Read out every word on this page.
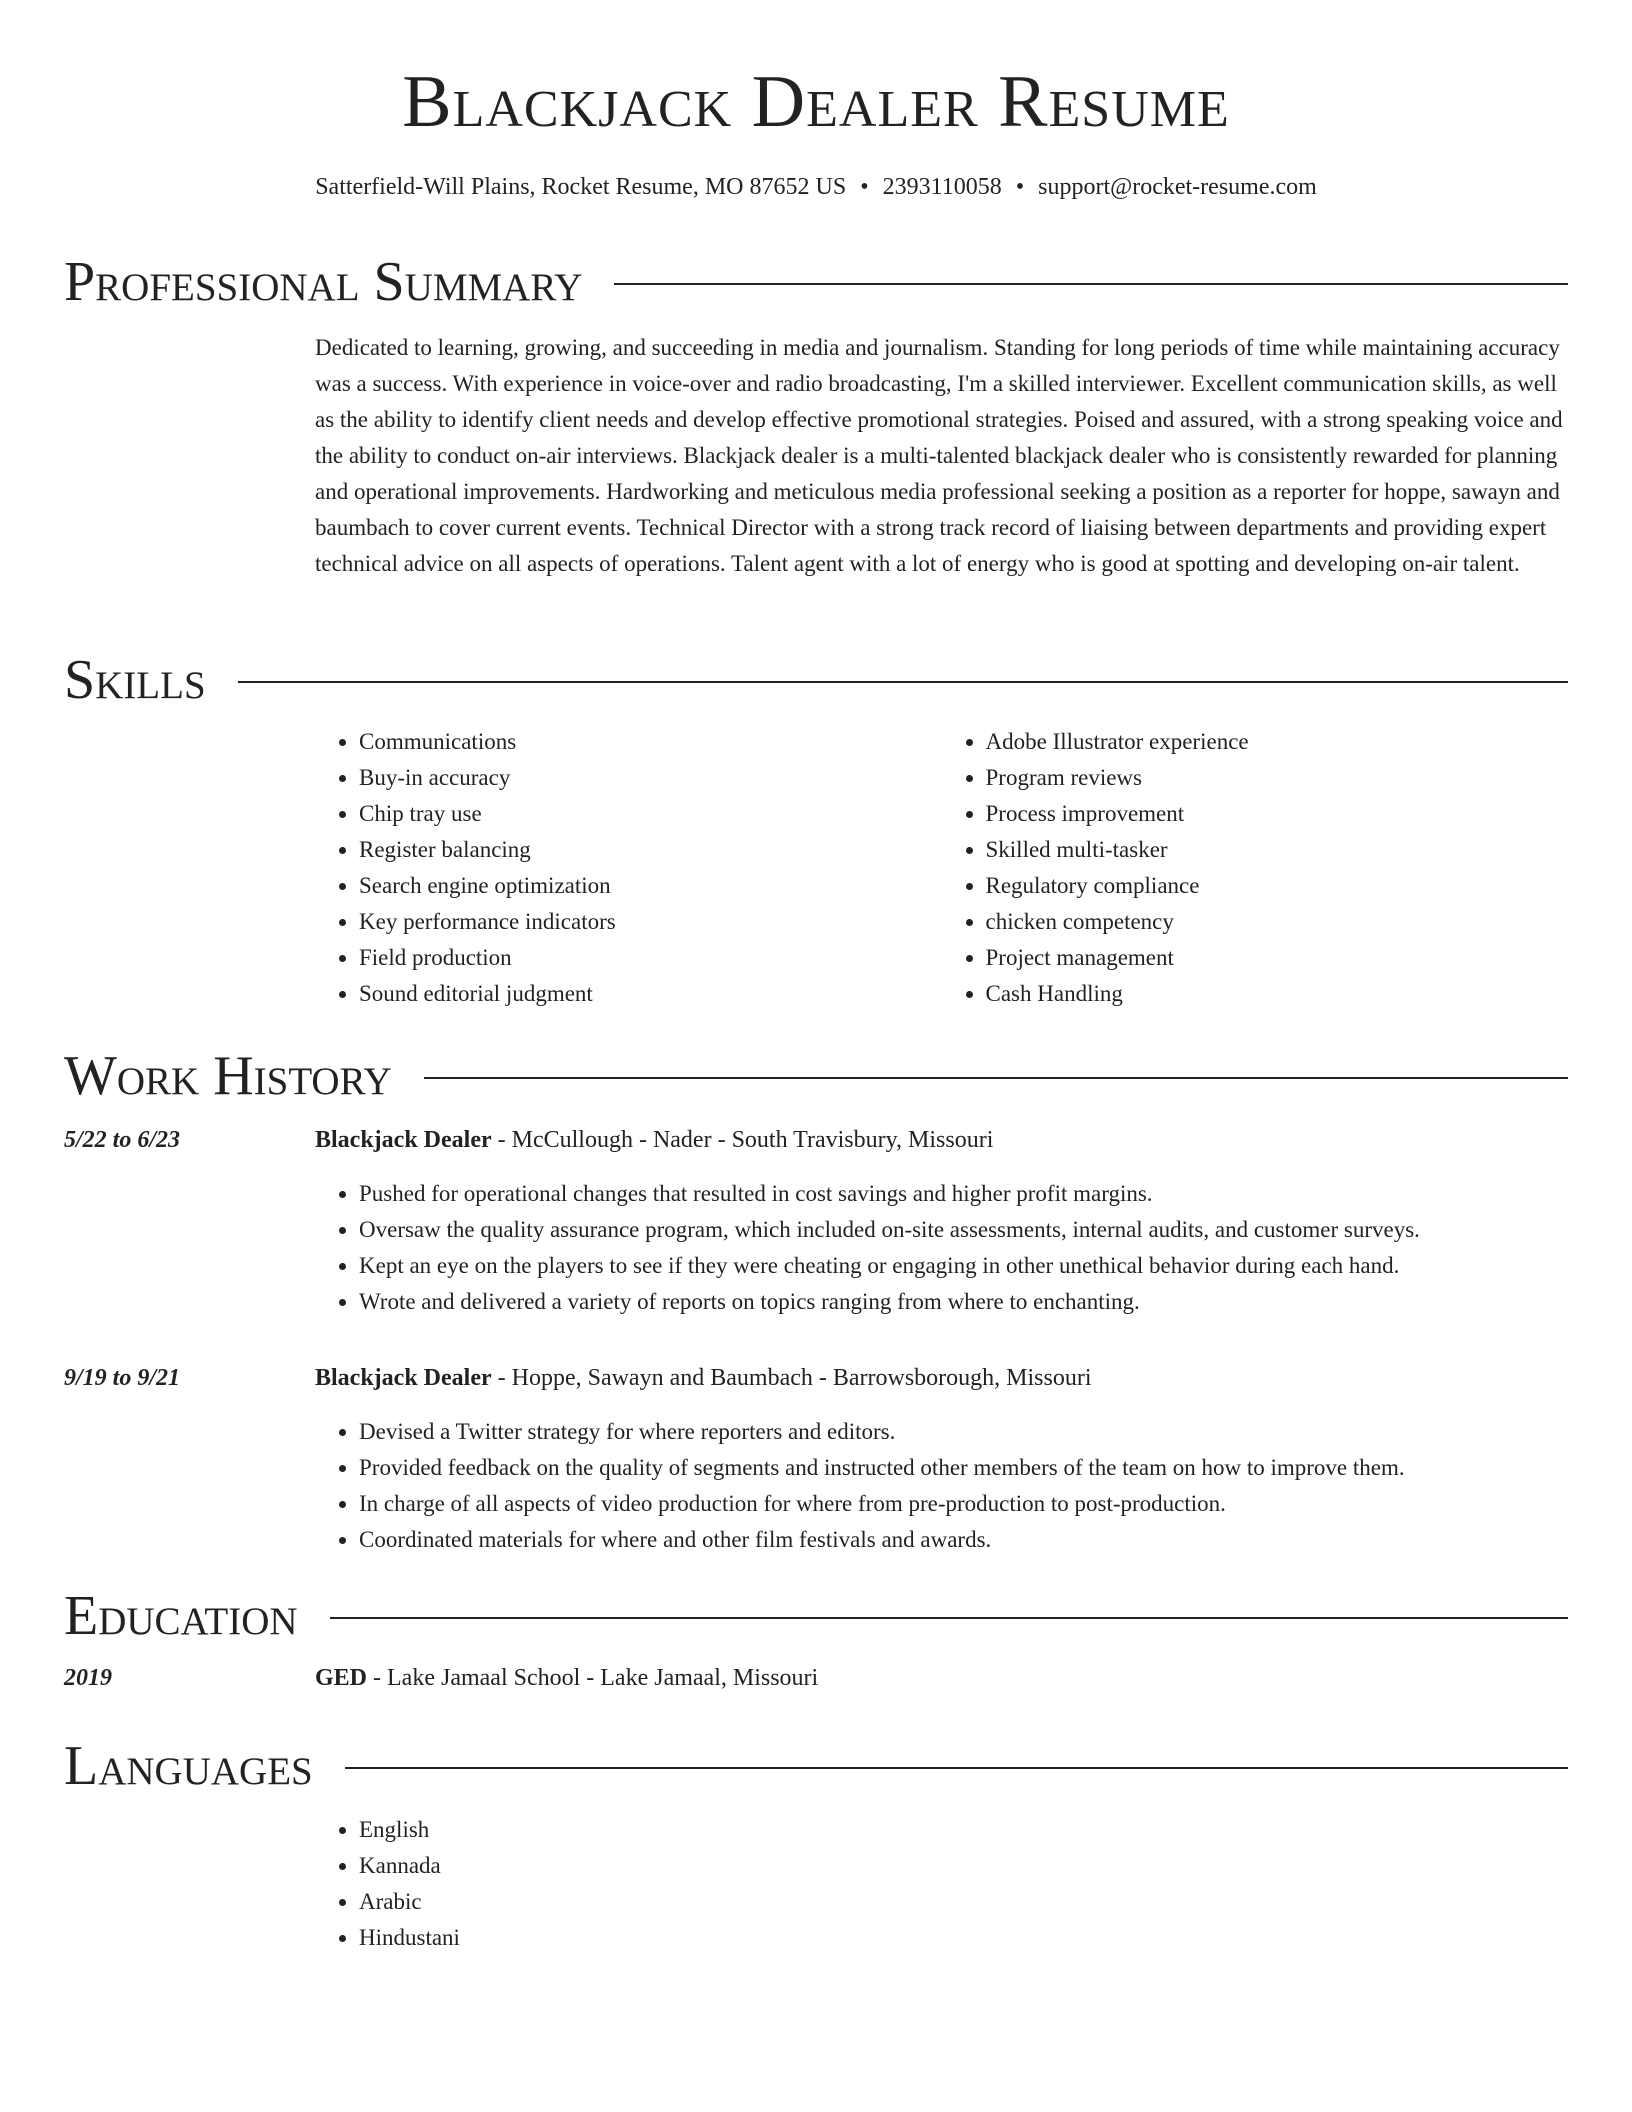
Blackjack Dealer Resume
Satterfield-Will Plains, Rocket Resume, MO 87652 US • 2393110058 • support@rocket-resume.com
Professional Summary

Dedicated to learning, growing, and succeeding in media and journalism. Standing for long periods of time while maintaining accuracy was a success. With experience in voice-over and radio broadcasting, I'm a skilled interviewer. Excellent communication skills, as well as the ability to identify client needs and develop effective promotional strategies. Poised and assured, with a strong speaking voice and the ability to conduct on-air interviews. Blackjack dealer is a multi-talented blackjack dealer who is consistently rewarded for planning and operational improvements. Hardworking and meticulous media professional seeking a position as a reporter for hoppe, sawayn and baumbach to cover current events. Technical Director with a strong track record of liaising between departments and providing expert technical advice on all aspects of operations. Talent agent with a lot of energy who is good at spotting and developing on-air talent.

Skills
• Communications
• Buy-in accuracy
• Chip tray use
• Register balancing
• Search engine optimization
• Key performance indicators
• Field production
• Sound editorial judgment
• Adobe Illustrator experience
• Program reviews
• Process improvement
• Skilled multi-tasker
• Regulatory compliance
• chicken competency
• Project management
• Cash Handling
Work History
5/22 to 6/23	Blackjack Dealer - McCullough - Nader - South Travisbury, Missouri
• Pushed for operational changes that resulted in cost savings and higher profit margins.
• Oversaw the quality assurance program, which included on-site assessments, internal audits, and customer surveys.
• Kept an eye on the players to see if they were cheating or engaging in other unethical behavior during each hand.
• Wrote and delivered a variety of reports on topics ranging from where to enchanting.
9/19 to 9/21	Blackjack Dealer - Hoppe, Sawayn and Baumbach - Barrowsborough, Missouri
• Devised a Twitter strategy for where reporters and editors.
• Provided feedback on the quality of segments and instructed other members of the team on how to improve them.
• In charge of all aspects of video production for where from pre-production to post-production.
• Coordinated materials for where and other film festivals and awards.
Education
2019	GED - Lake Jamaal School - Lake Jamaal, Missouri
Languages
• English
• Kannada
• Arabic
• Hindustani
